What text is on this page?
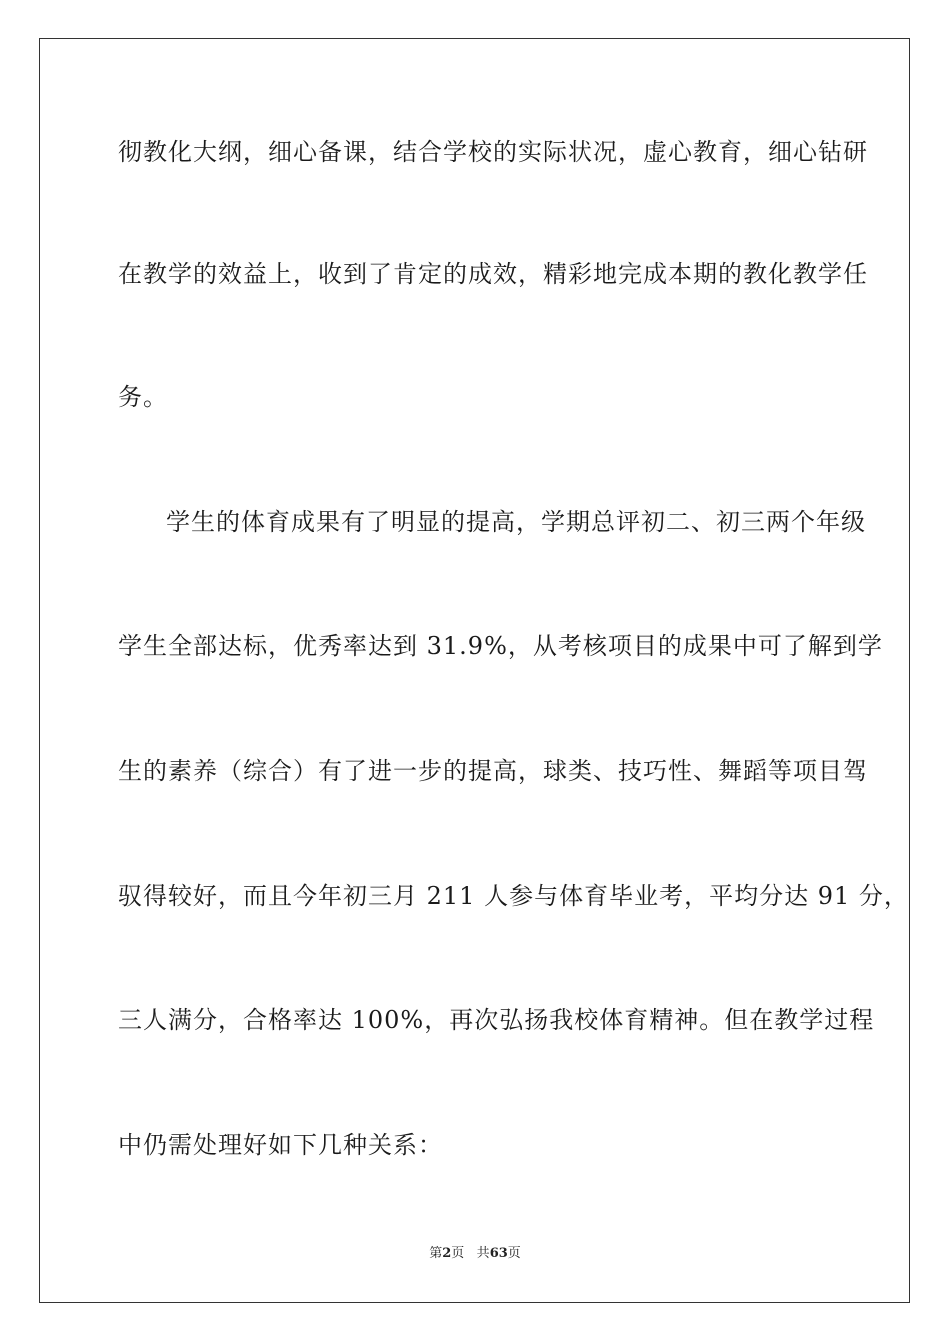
彻教化大纲，细心备课，结合学校的实际状况，虚心教育，细心钻研
在教学的效益上，收到了肯定的成效，精彩地完成本期的教化教学任
务。
学生的体育成果有了明显的提高，学期总评初二、初三两个年级
学生全部达标，优秀率达到 31.9%，从考核项目的成果中可了解到学
生的素养（综合）有了进一步的提高，球类、技巧性、舞蹈等项目驾
驭得较好，而且今年初三月 211 人参与体育毕业考，平均分达 91 分，
三人满分，合格率达 100%，再次弘扬我校体育精神。但在教学过程
中仍需处理好如下几种关系：
第2页 共63页
